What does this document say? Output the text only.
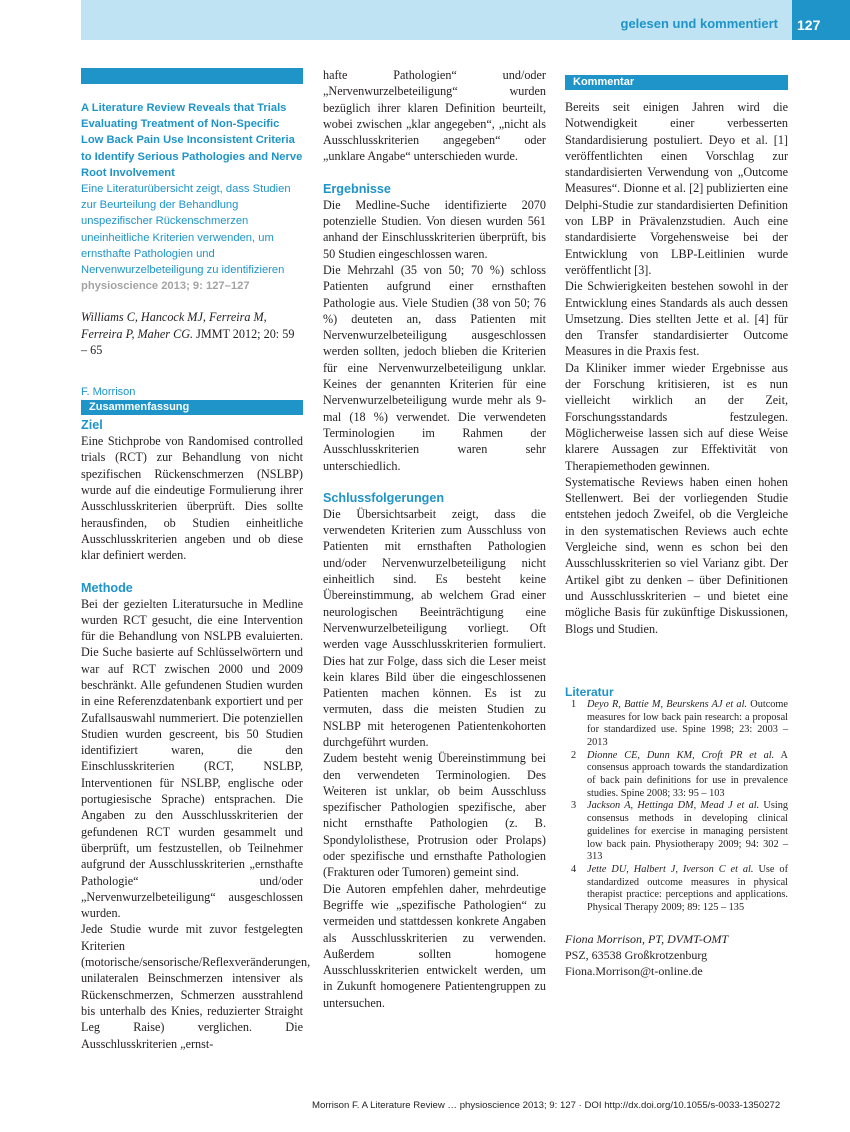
gelesen und kommentiert	127
A Literature Review Reveals that Trials Evaluating Treatment of Non-Specific Low Back Pain Use Inconsistent Criteria to Identify Serious Pathologies and Nerve Root Involvement
Eine Literaturübersicht zeigt, dass Studien zur Beurteilung der Behandlung unspezifischer Rückenschmerzen uneinheitliche Kriterien verwenden, um ernsthafte Pathologien und Nervenwurzelbeteiligung zu identifizieren
physioscience 2013; 9: 127–127
Williams C, Hancock MJ, Ferreira M, Ferreira P, Maher CG. JMMT 2012; 20: 59 – 65
F. Morrison
Zusammenfassung
Ziel

Eine Stichprobe von Randomised controlled trials (RCT) zur Behandlung von nicht spezifischen Rückenschmerzen (NSLBP) wurde auf die eindeutige Formulierung ihrer Ausschlusskriterien überprüft. Dies sollte herausfinden, ob Studien einheitliche Ausschlusskriterien angeben und ob diese klar definiert werden.

Methode

Bei der gezielten Literatursuche in Medline wurden RCT gesucht, die eine Intervention für die Behandlung von NSLPB evaluierten. Die Suche basierte auf Schlüsselwörtern und war auf RCT zwischen 2000 und 2009 beschränkt. Alle gefundenen Studien wurden in eine Referenzdatenbank exportiert und per Zufallsauswahl nummeriert. Die potenziellen Studien wurden gescreent, bis 50 Studien identifiziert waren, die den Einschlusskriterien (RCT, NSLBP, Interventionen für NSLBP, englische oder portugiesische Sprache) entsprachen. Die Angaben zu den Ausschlusskriterien der gefundenen RCT wurden gesammelt und überprüft, um festzustellen, ob Teilnehmer aufgrund der Ausschlusskriterien „ernsthafte Pathologie“ und/oder „Nervenwurzelbeteiligung“ ausgeschlossen wurden.

Jede Studie wurde mit zuvor festgelegten Kriterien (motorische/sensorische/Reflexveränderungen, unilateralen Beinschmerzen intensiver als Rückenschmerzen, Schmerzen ausstrahlend bis unterhalb des Knies, reduzierter Straight Leg Raise) verglichen. Die Ausschlusskriterien „ernst-

hafte Pathologien“ und/oder „Nervenwurzelbeteiligung“ wurden bezüglich ihrer klaren Definition beurteilt, wobei zwischen „klar angegeben“, „nicht als Ausschlusskriterien angegeben“ oder „unklare Angabe“ unterschieden wurde.

Ergebnisse

Die Medline-Suche identifizierte 2070 potenzielle Studien. Von diesen wurden 561 anhand der Einschlusskriterien überprüft, bis 50 Studien eingeschlossen waren.

Die Mehrzahl (35 von 50; 70 %) schloss Patienten aufgrund einer ernsthaften Pathologie aus. Viele Studien (38 von 50; 76 %) deuteten an, dass Patienten mit Nervenwurzelbeteiligung ausgeschlossen werden sollten, jedoch blieben die Kriterien für eine Nervenwurzelbeteiligung unklar. Keines der genannten Kriterien für eine Nervenwurzelbeteiligung wurde mehr als 9-mal (18 %) verwendet. Die verwendeten Terminologien im Rahmen der Ausschlusskriterien waren sehr unterschiedlich.

Schlussfolgerungen

Die Übersichtsarbeit zeigt, dass die verwendeten Kriterien zum Ausschluss von Patienten mit ernsthaften Pathologien und/oder Nervenwurzelbeteiligung nicht einheitlich sind. Es besteht keine Übereinstimmung, ab welchem Grad einer neurologischen Beeinträchtigung eine Nervenwurzelbeteiligung vorliegt. Oft werden vage Ausschlusskriterien formuliert. Dies hat zur Folge, dass sich die Leser meist kein klares Bild über die eingeschlossenen Patienten machen können. Es ist zu vermuten, dass die meisten Studien zu NSLBP mit heterogenen Patientenkohorten durchgeführt wurden.

Zudem besteht wenig Übereinstimmung bei den verwendeten Terminologien. Des Weiteren ist unklar, ob beim Ausschluss spezifischer Pathologien spezifische, aber nicht ernsthafte Pathologien (z. B. Spondylolisthese, Protrusion oder Prolaps) oder spezifische und ernsthafte Pathologien (Frakturen oder Tumoren) gemeint sind.

Die Autoren empfehlen daher, mehrdeutige Begriffe wie „spezifische Pathologien“ zu vermeiden und stattdessen konkrete Angaben als Ausschlusskriterien zu verwenden. Außerdem sollten homogene Ausschlusskriterien entwickelt werden, um in Zukunft homogenere Patientengruppen zu untersuchen.

Kommentar

Bereits seit einigen Jahren wird die Notwendigkeit einer verbesserten Standardisierung postuliert. Deyo et al. [1] veröffentlichten einen Vorschlag zur standardisierten Verwendung von „Outcome Measures“. Dionne et al. [2] publizierten eine Delphi-Studie zur standardisierten Definition von LBP in Prävalenzstudien. Auch eine standardisierte Vorgehensweise bei der Entwicklung von LBP-Leitlinien wurde veröffentlicht [3].

Die Schwierigkeiten bestehen sowohl in der Entwicklung eines Standards als auch dessen Umsetzung. Dies stellten Jette et al. [4] für den Transfer standardisierter Outcome Measures in die Praxis fest.

Da Kliniker immer wieder Ergebnisse aus der Forschung kritisieren, ist es nun vielleicht wirklich an der Zeit, Forschungsstandards festzulegen. Möglicherweise lassen sich auf diese Weise klarere Aussagen zur Effektivität von Therapiemethoden gewinnen.

Systematische Reviews haben einen hohen Stellenwert. Bei der vorliegenden Studie entstehen jedoch Zweifel, ob die Vergleiche in den systematischen Reviews auch echte Vergleiche sind, wenn es schon bei den Ausschlusskriterien so viel Varianz gibt. Der Artikel gibt zu denken – über Definitionen und Ausschlusskriterien – und bietet eine mögliche Basis für zukünftige Diskussionen, Blogs und Studien.

Literatur

1 Deyo R, Battie M, Beurskens AJ et al. Outcome measures for low back pain research: a proposal for standardized use. Spine 1998; 23: 2003 – 2013

2 Dionne CE, Dunn KM, Croft PR et al. A consensus approach towards the standardization of back pain definitions for use in prevalence studies. Spine 2008; 33: 95 – 103

3 Jackson A, Hettinga DM, Mead J et al. Using consensus methods in developing clinical guidelines for exercise in managing persistent low back pain. Physiotherapy 2009; 94: 302 – 313

4 Jette DU, Halbert J, Iverson C et al. Use of standardized outcome measures in physical therapist practice: perceptions and applications. Physical Therapy 2009; 89: 125 – 135

Fiona Morrison, PT, DVMT-OMT
PSZ, 63538 Großkrotzenburg
Fiona.Morrison@t-online.de
Morrison F. A Literature Review … physioscience 2013; 9: 127 · DOI http://dx.doi.org/10.1055/s-0033-1350272
